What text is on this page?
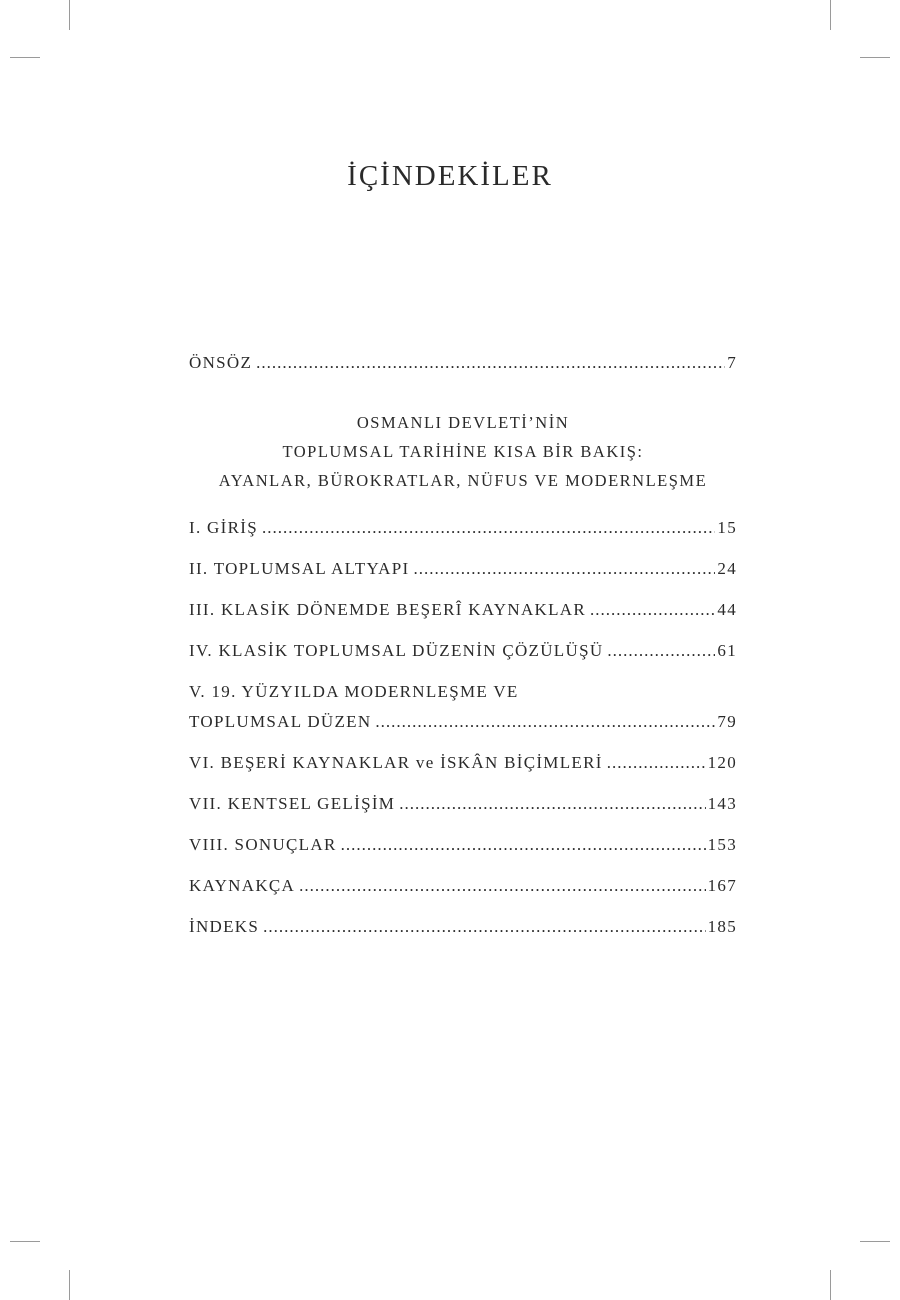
İÇİNDEKİLER
ÖNSÖZ .....	7
OSMANLI DEVLETİ’NİN
TOPLUMSAL TARİHİNE KISA BİR BAKIŞ:
AYANLAR, BÜROKRATLAR, NÜFUS VE MODERNLEŞME
I. GİRİŞ .....	15
II. TOPLUMSAL ALTYAPI .....	24
III. KLASİK DÖNEMDE BEŞERÎ KAYNAKLAR .....	44
IV. KLASİK TOPLUMSAL DÜZENİN ÇÖZÜLÜŞÜ .....	61
V. 19. YÜZYILDA MODERNLEŞME VE
TOPLUMSAL DÜZEN .....	79
VI. BEŞERİ KAYNAKLAR ve İSKÂN BİÇİMLERİ .....	120
VII. KENTSEL GELİŞİM .....	143
VIII. SONUÇLAR .....	153
KAYNAKÇA .....	167
İNDEKS .....	185
